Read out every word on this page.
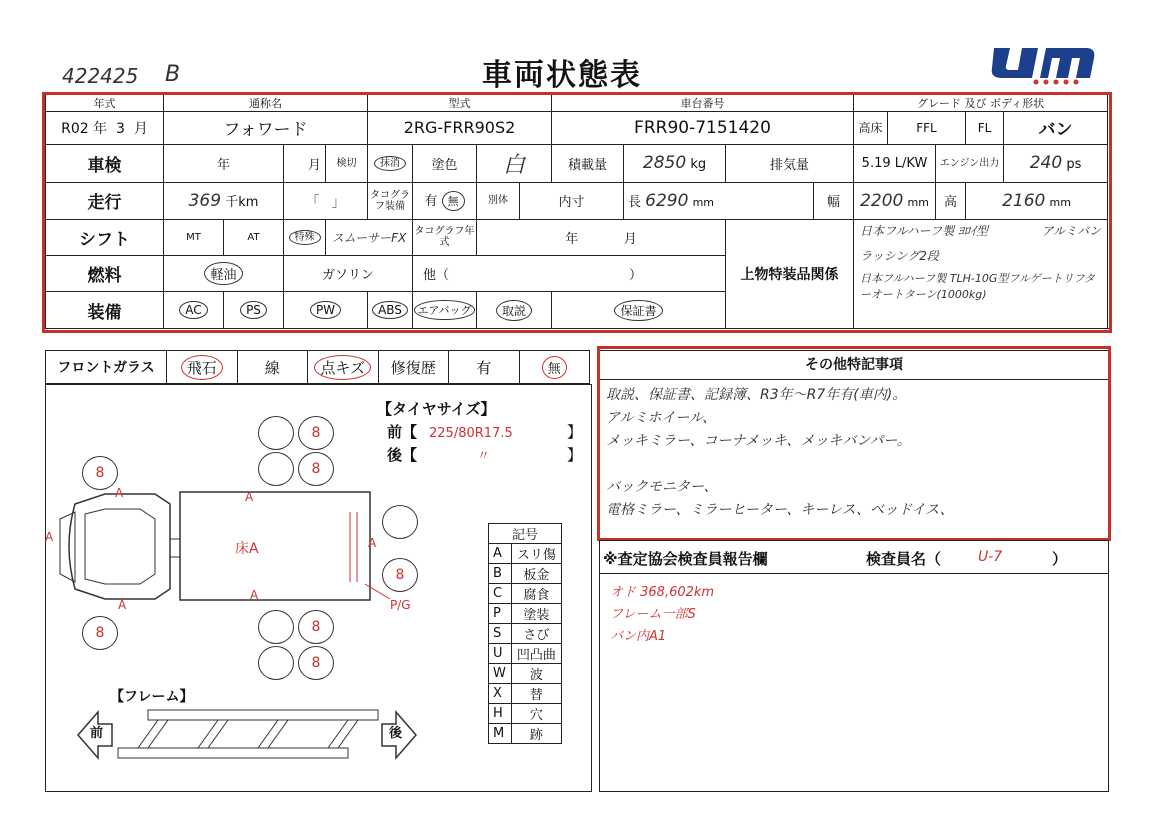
422425 B	車両状態表
年式	通称名				型式				車台番号				グレード 及び ボディ形状				
R02 年 3 月	フォワード				2RG-FRR90S2				FRR90-7151420				高床	FFL		FL	バン
車検	年		月	検切	抹消	塗色	白		積載量	2850 kg	排気量		5.19 L/KW		エンジン出力		240 ps
走行	369 千km		「 」		タコグラフ装備	有 無	別体	内寸		長 6290 mm		幅	2200 mm		高	2160 mm	
シフト	MT	AT	特殊	スムーサーFX		タコグラフ年式	年 月				上物特装品関係		日本フルハーフ製 ﾖﾛｲ型 アルミバン
ラッシング2段
日本フルハーフ製 TLH-10G型フルゲートリフターオートターン(1000kg)				

燃料	軽油		ガソリン			他（ ）											
装備	AC	PS	PW		ABS	エアバッグ	取説		保証書								
フロントガラス	飛石	線	点キズ	修復歴	有	無
【タイヤサイズ】
前【 225/80R17.5	】
後【	〃	】
8
8
8
8
8
8
8
床A
A	A
A	A
A
A
P/G
記号	
A	スリ傷
B	板金
C	腐食
P	塗装
S	さび
U	凹凸曲
W	波
X	替
H	穴
M	跡
【フレーム】
前	後
その他特記事項
取説、保証書、記録簿、R3年〜R7年有(車内)。
アルミホイール、
メッキミラー、コーナメッキ、メッキバンパー。
バックモニター、
電格ミラー、ミラーヒーター、キーレス、ベッドイス、
※査定協会検査員報告欄	検査員名（	U-7	）
オド 368,602km
フレーム一部S
バン内A1
